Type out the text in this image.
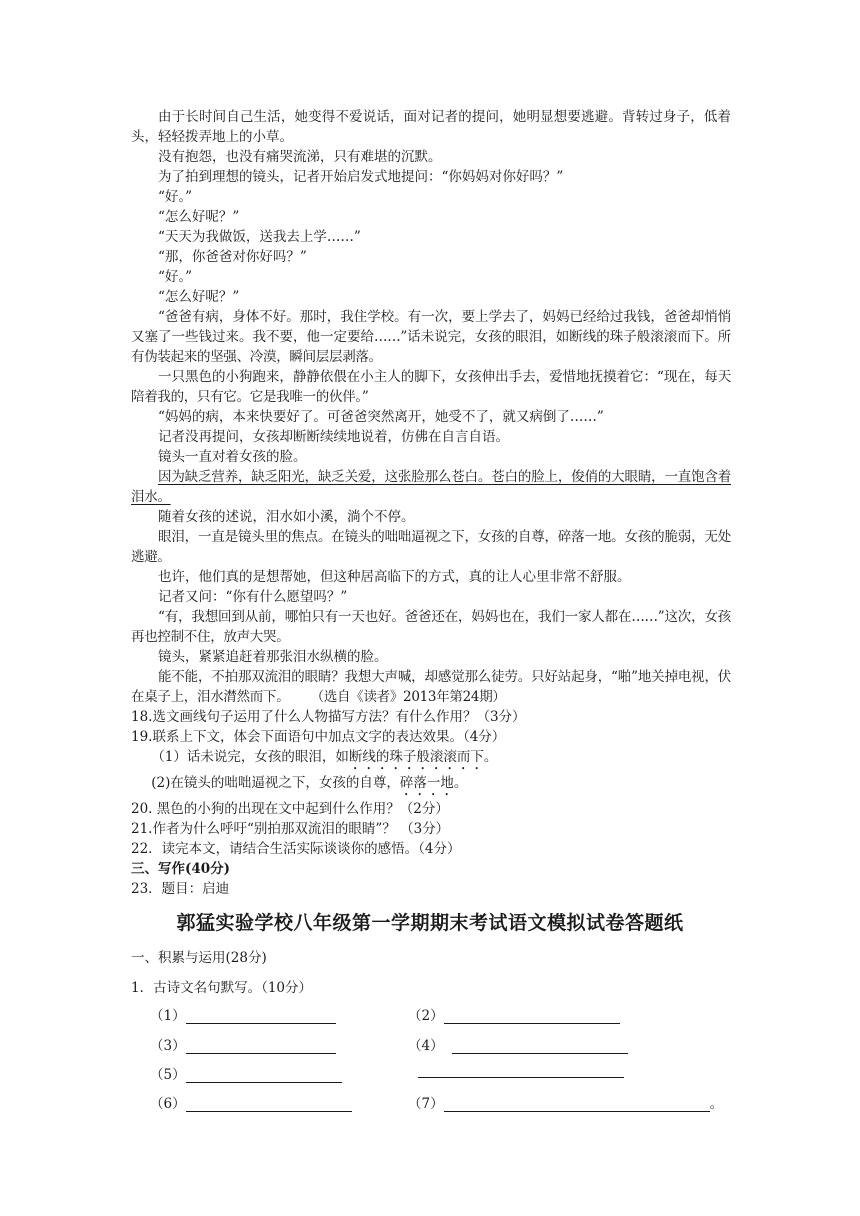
由于长时间自己生活，她变得不爱说话，面对记者的提问，她明显想要逃避。背转过身子，低着头，轻轻拨弄地上的小草。

没有抱怨，也没有痛哭流涕，只有难堪的沉默。

为了拍到理想的镜头，记者开始启发式地提问：“你妈妈对你好吗？”

“好。”

“怎么好呢？”

“天天为我做饭，送我去上学……”

“那，你爸爸对你好吗？”

“好。”

“怎么好呢？”

“爸爸有病，身体不好。那时，我住学校。有一次，要上学去了，妈妈已经给过我钱，爸爸却悄悄又塞了一些钱过来。我不要，他一定要给……”话未说完，女孩的眼泪，如断线的珠子般滚滚而下。所有伪装起来的坚强、冷漠，瞬间层层剥落。

一只黑色的小狗跑来，静静依偎在小主人的脚下，女孩伸出手去，爱惜地抚摸着它：“现在，每天陪着我的，只有它。它是我唯一的伙伴。”

“妈妈的病，本来快要好了。可爸爸突然离开，她受不了，就又病倒了……”

记者没再提问，女孩却断断续续地说着，仿佛在自言自语。

镜头一直对着女孩的脸。

因为缺乏营养，缺乏阳光，缺乏关爱，这张脸那么苍白。苍白的脸上，俊俏的大眼睛，一直饱含着泪水。

随着女孩的述说，泪水如小溪，淌个不停。

眼泪，一直是镜头里的焦点。在镜头的咄咄逼视之下，女孩的自尊，碎落一地。女孩的脆弱，无处逃避。

也许，他们真的是想帮她，但这种居高临下的方式，真的让人心里非常不舒服。

记者又问：“你有什么愿望吗？”

“有，我想回到从前，哪怕只有一天也好。爸爸还在，妈妈也在，我们一家人都在……”这次，女孩再也控制不住，放声大哭。

镜头，紧紧追赶着那张泪水纵横的脸。

能不能，不拍那双流泪的眼睛？我想大声喊，却感觉那么徒劳。只好站起身，“啪”地关掉电视，伏在桌子上，泪水潸然而下。 （选自《读者》2013年第24期）

18.选文画线句子运用了什么人物描写方法？有什么作用？（3分）

19.联系上下文，体会下面语句中加点文字的表达效果。（4分）

（1）话未说完，女孩的眼泪，如断线的珠子般滚滚而下。

(2)在镜头的咄咄逼视之下，女孩的自尊，碎落一地。

20. 黑色的小狗的出现在文中起到什么作用？（2分）

21.作者为什么呼吁“别拍那双流泪的眼睛”？ （3分）

22．读完本文，请结合生活实际谈谈你的感悟。（4分）

三、写作(40分)

23．题目：启迪

郭猛实验学校八年级第一学期期末考试语文模拟试卷答题纸
一、积累与运用(28分)
1．古诗文名句默写。（10分）
（1）	（2）
（3）	（4）
（5）
（6）	（7）	。
